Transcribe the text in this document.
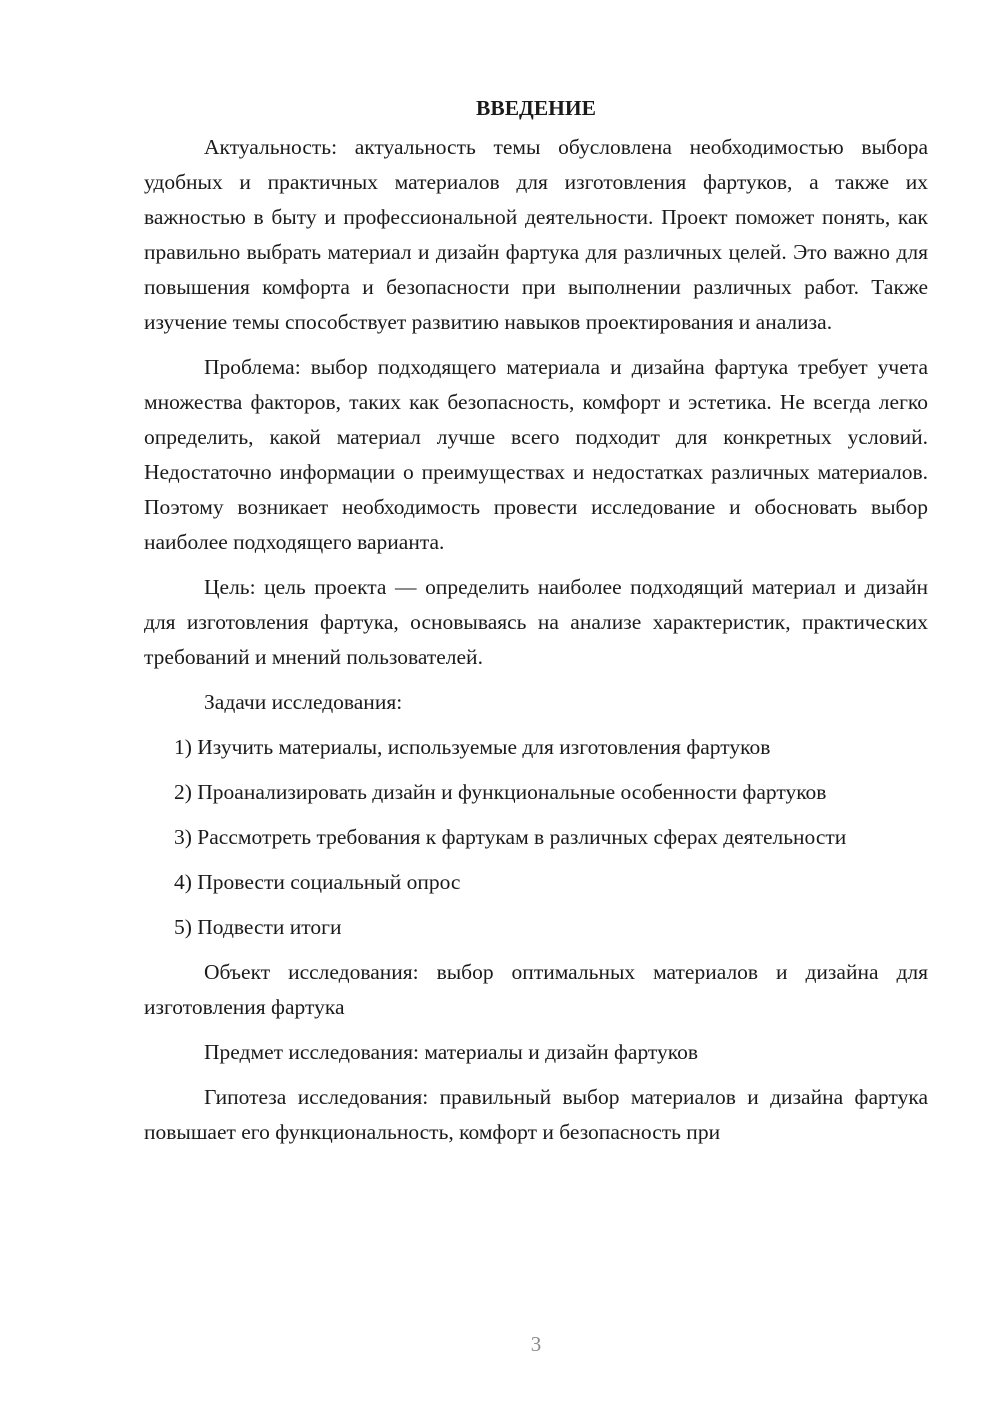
ВВЕДЕНИЕ

Актуальность: актуальность темы обусловлена необходимостью выбора удобных и практичных материалов для изготовления фартуков, а также их важностью в быту и профессиональной деятельности. Проект поможет понять, как правильно выбрать материал и дизайн фартука для различных целей. Это важно для повышения комфорта и безопасности при выполнении различных работ. Также изучение темы способствует развитию навыков проектирования и анализа.

Проблема: выбор подходящего материала и дизайна фартука требует учета множества факторов, таких как безопасность, комфорт и эстетика. Не всегда легко определить, какой материал лучше всего подходит для конкретных условий. Недостаточно информации о преимуществах и недостатках различных материалов. Поэтому возникает необходимость провести исследование и обосновать выбор наиболее подходящего варианта.

Цель: цель проекта — определить наиболее подходящий материал и дизайн для изготовления фартука, основываясь на анализе характеристик, практических требований и мнений пользователей.

Задачи исследования:

1) Изучить материалы, используемые для изготовления фартуков

2) Проанализировать дизайн и функциональные особенности фартуков

3) Рассмотреть требования к фартукам в различных сферах деятельности

4) Провести социальный опрос

5) Подвести итоги

Объект исследования: выбор оптимальных материалов и дизайна для изготовления фартука

Предмет исследования: материалы и дизайн фартуков

Гипотеза исследования: правильный выбор материалов и дизайна фартука повышает его функциональность, комфорт и безопасность при

3
